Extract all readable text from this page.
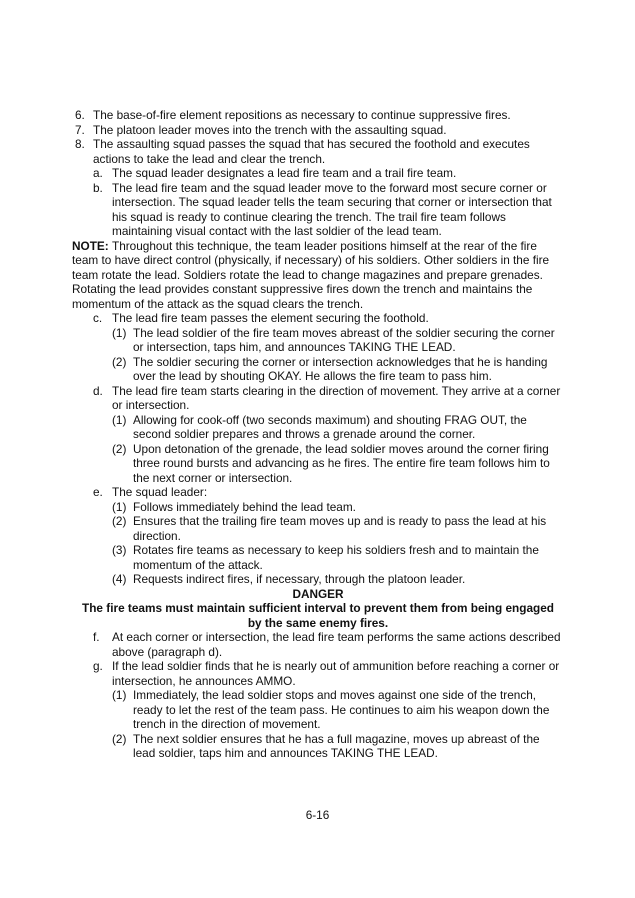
6. The base-of-fire element repositions as necessary to continue suppressive fires.
7. The platoon leader moves into the trench with the assaulting squad.
8. The assaulting squad passes the squad that has secured the foothold and executes actions to take the lead and clear the trench.
a. The squad leader designates a lead fire team and a trail fire team.
b. The lead fire team and the squad leader move to the forward most secure corner or intersection. The squad leader tells the team securing that corner or intersection that his squad is ready to continue clearing the trench. The trail fire team follows maintaining visual contact with the last soldier of the lead team.
NOTE: Throughout this technique, the team leader positions himself at the rear of the fire team to have direct control (physically, if necessary) of his soldiers. Other soldiers in the fire team rotate the lead. Soldiers rotate the lead to change magazines and prepare grenades. Rotating the lead provides constant suppressive fires down the trench and maintains the momentum of the attack as the squad clears the trench.
c. The lead fire team passes the element securing the foothold.
(1) The lead soldier of the fire team moves abreast of the soldier securing the corner or intersection, taps him, and announces TAKING THE LEAD.
(2) The soldier securing the corner or intersection acknowledges that he is handing over the lead by shouting OKAY. He allows the fire team to pass him.
d. The lead fire team starts clearing in the direction of movement. They arrive at a corner or intersection.
(1) Allowing for cook-off (two seconds maximum) and shouting FRAG OUT, the second soldier prepares and throws a grenade around the corner.
(2) Upon detonation of the grenade, the lead soldier moves around the corner firing three round bursts and advancing as he fires. The entire fire team follows him to the next corner or intersection.
e. The squad leader:
(1) Follows immediately behind the lead team.
(2) Ensures that the trailing fire team moves up and is ready to pass the lead at his direction.
(3) Rotates fire teams as necessary to keep his soldiers fresh and to maintain the momentum of the attack.
(4) Requests indirect fires, if necessary, through the platoon leader.
DANGER
The fire teams must maintain sufficient interval to prevent them from being engaged by the same enemy fires.
f. At each corner or intersection, the lead fire team performs the same actions described above (paragraph d).
g. If the lead soldier finds that he is nearly out of ammunition before reaching a corner or intersection, he announces AMMO.
(1) Immediately, the lead soldier stops and moves against one side of the trench, ready to let the rest of the team pass. He continues to aim his weapon down the trench in the direction of movement.
(2) The next soldier ensures that he has a full magazine, moves up abreast of the lead soldier, taps him and announces TAKING THE LEAD.
6-16
